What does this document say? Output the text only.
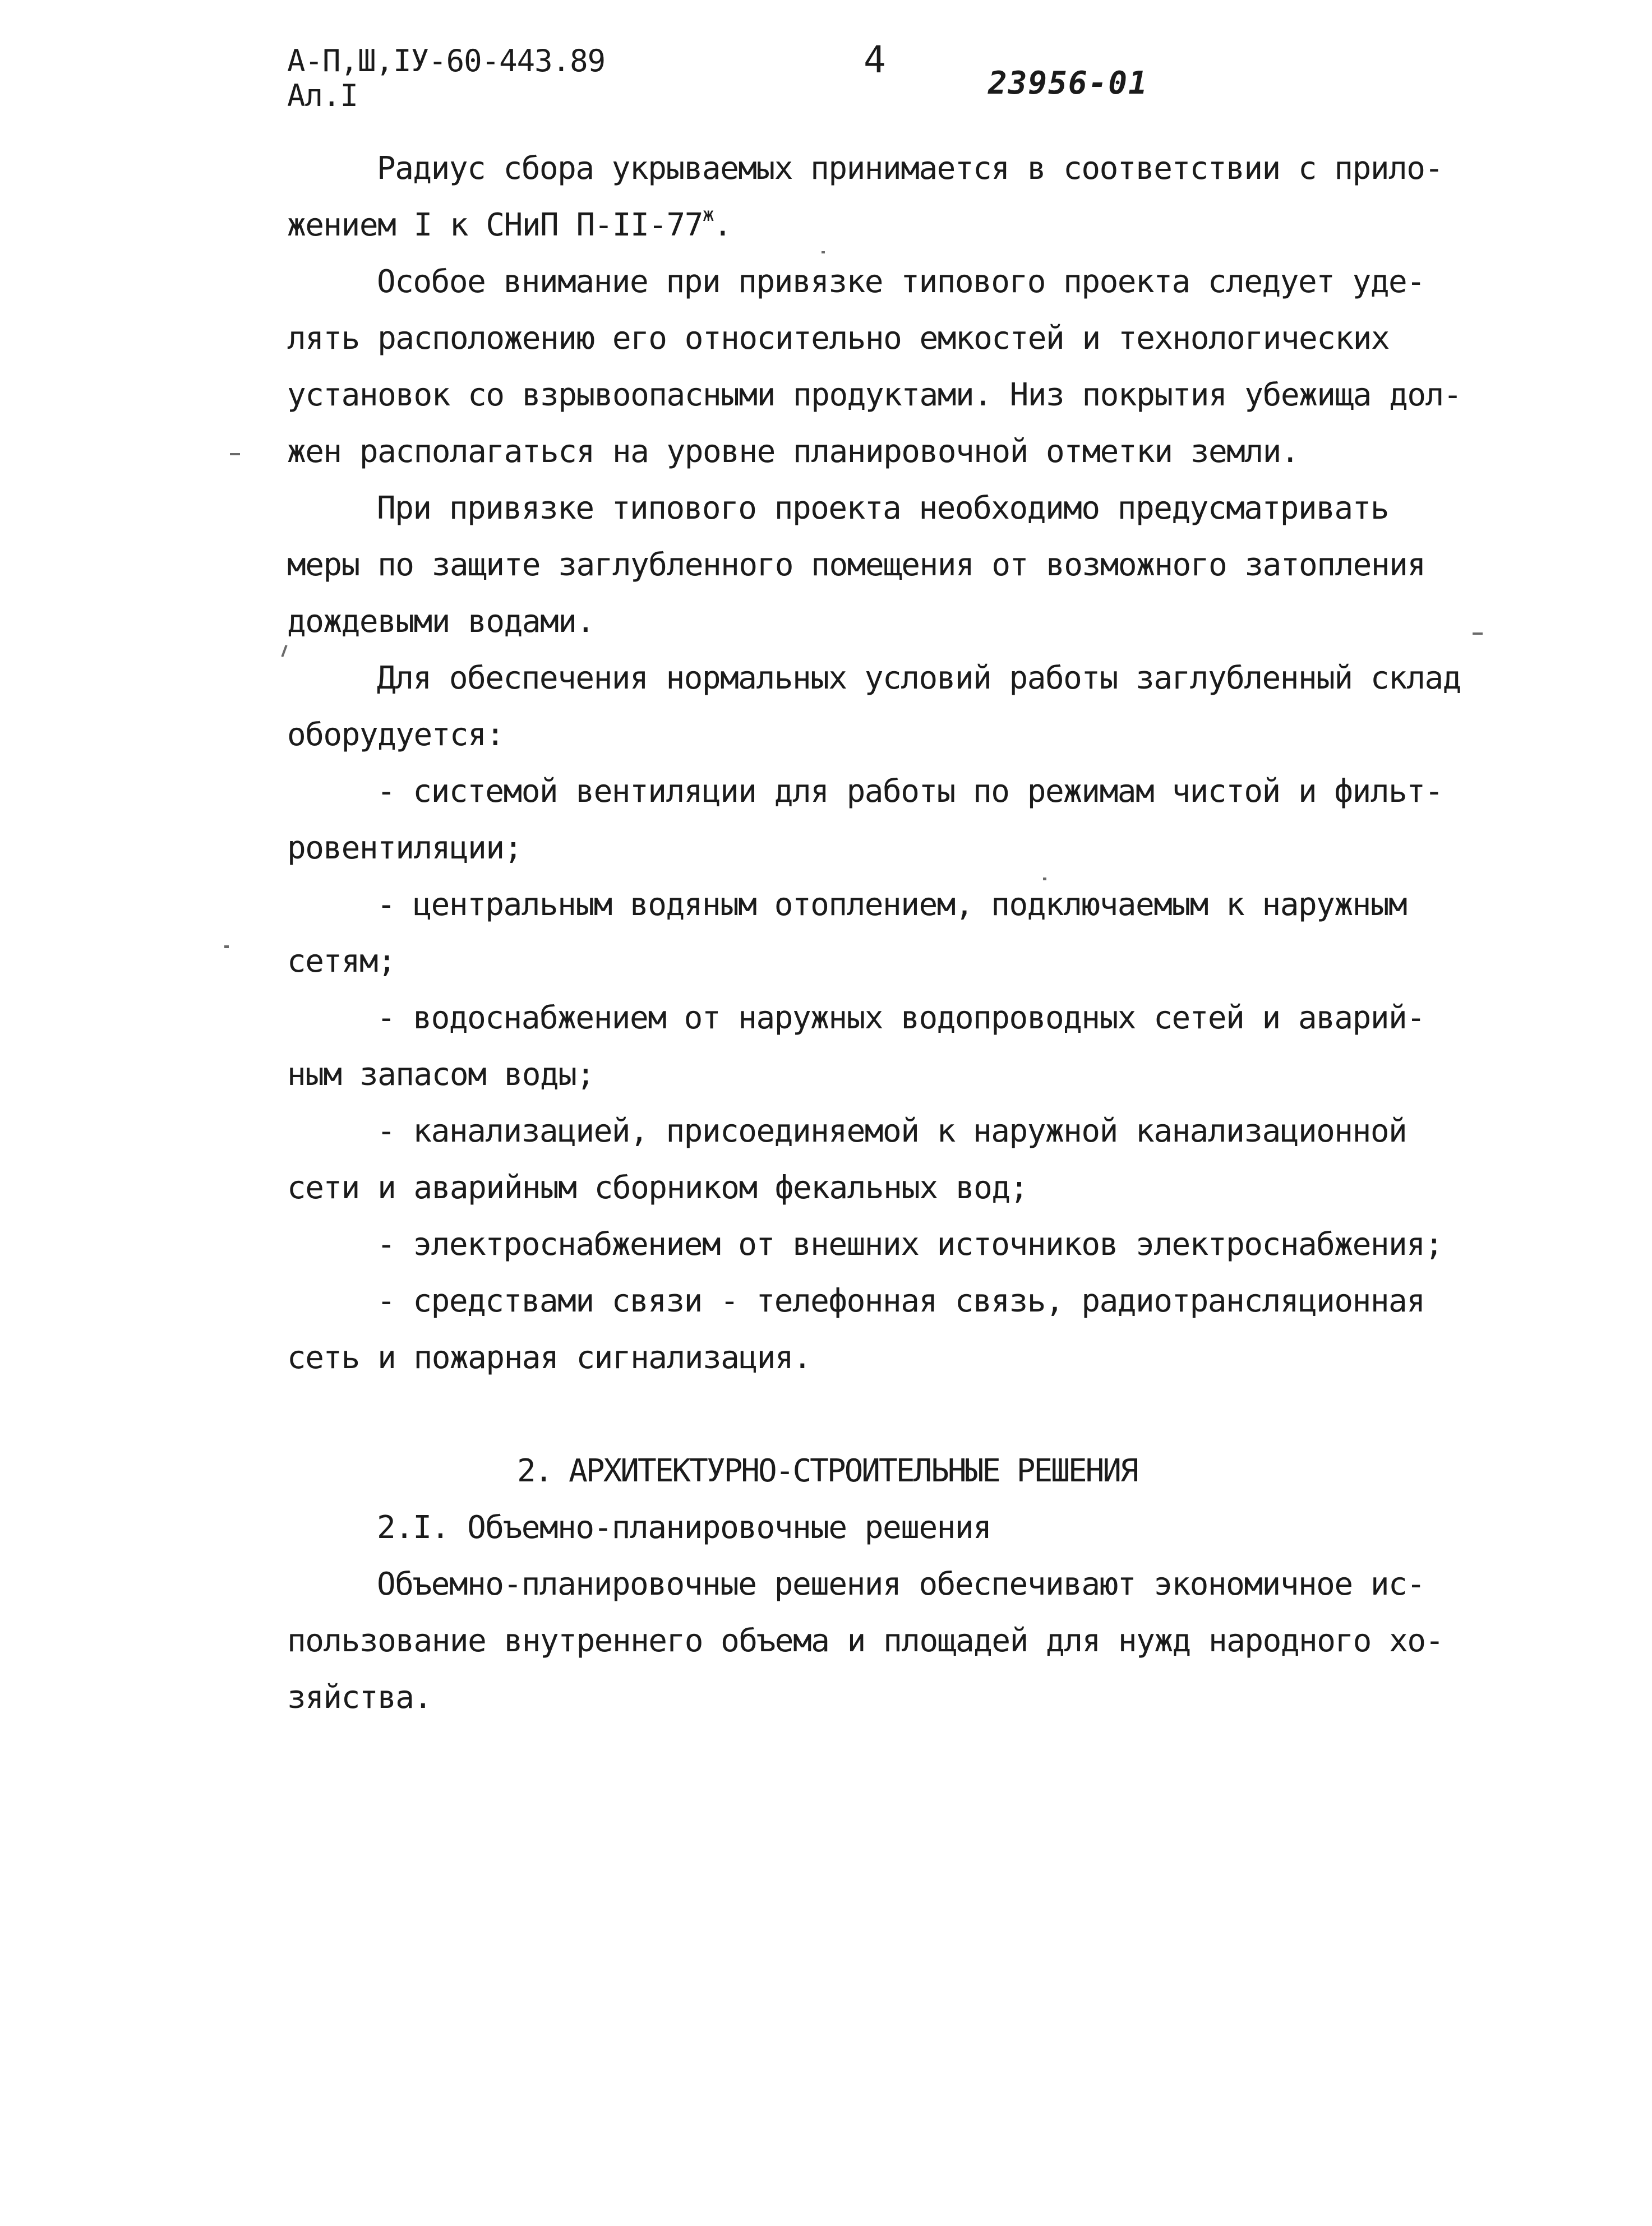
А-П,Ш,IУ-60-443.89
Ал.I
4
23956-01
Радиус сбора укрываемых принимается в соответствии с прило-
жением I к СНиП $П-II-77^ж$.
Особое внимание при привязке типового проекта следует уде-
лять расположению его относительно емкостей и технологических
установок со взрывоопасными продуктами. Низ покрытия убежища дол-
жен располагаться на уровне планировочной отметки земли.
При привязке типового проекта необходимо предусматривать
меры по защите заглубленного помещения от возможного затопления
дождевыми водами.
Для обеспечения нормальных условий работы заглубленный склад
оборудуется:
- системой вентиляции для работы по режимам чистой и фильт-
ровентиляции;
- центральным водяным отоплением, подключаемым к наружным
сетям;
- водоснабжением от наружных водопроводных сетей и аварий-
ным запасом воды;
- канализацией, присоединяемой к наружной канализационной
сети и аварийным сборником фекальных вод;
- электроснабжением от внешних источников электроснабжения;
- средствами связи - телефонная связь, радиотрансляционная
сеть и пожарная сигнализация.
2. АРХИТЕКТУРНО-СТРОИТЕЛЬНЫЕ РЕШЕНИЯ
2.I. Объемно-планировочные решения
Объемно-планировочные решения обеспечивают экономичное ис-
пользование внутреннего объема и площадей для нужд народного хо-
зяйства.
